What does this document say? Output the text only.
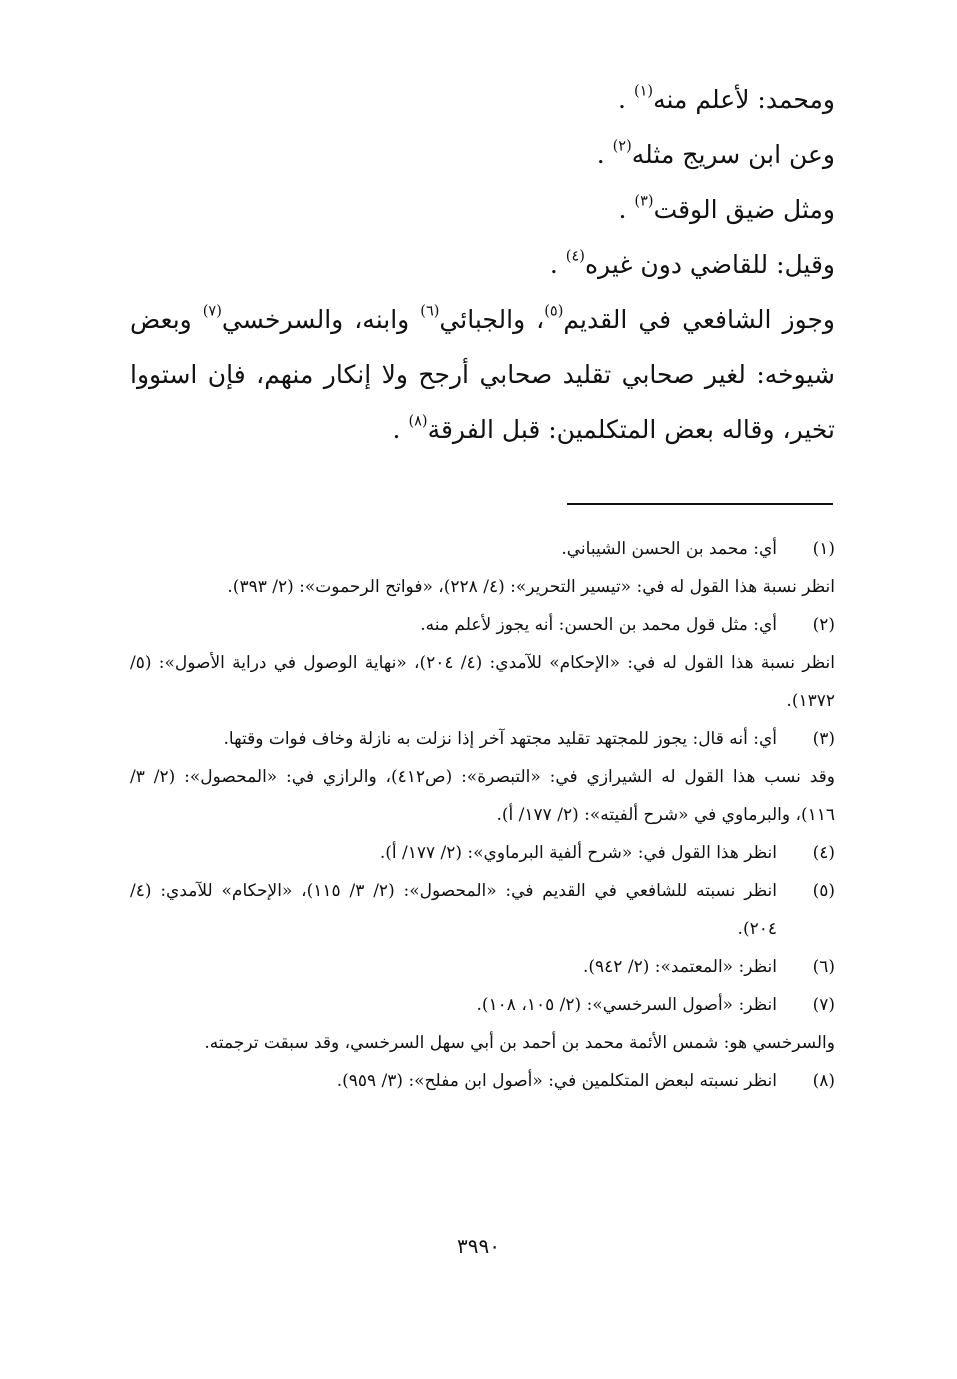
ومحمد: لأعلم منه$^{(١)}$ .

وعن ابن سريج مثله$^{(٢)}$ .

ومثل ضيق الوقت$^{(٣)}$ .

وقيل: للقاضي دون غيره$^{(٤)}$ .

وجوز الشافعي في القديم$^{(٥)}$، والجبائي$^{(٦)}$ وابنه، والسرخسي$^{(٧)}$ وبعض شيوخه: لغير صحابي تقليد صحابي أرجح ولا إنكار منهم، فإن استووا تخير، وقاله بعض المتكلمين: قبل الفرقة$^{(٨)}$ .

(١)

أي: محمد بن الحسن الشيباني.

انظر نسبة هذا القول له في: «تيسير التحرير»: (٤/ ٢٢٨)، «فواتح الرحموت»: (٢/ ٣٩٣).

(٢)

أي: مثل قول محمد بن الحسن: أنه يجوز لأعلم منه.

انظر نسبة هذا القول له في: «الإحكام» للآمدي: (٤/ ٢٠٤)، «نهاية الوصول في دراية الأصول»: (٥/ ١٣٧٢).

(٣)

أي: أنه قال: يجوز للمجتهد تقليد مجتهد آخر إذا نزلت به نازلة وخاف فوات وقتها.

وقد نسب هذا القول له الشيرازي في: «التبصرة»: (ص٤١٢)، والرازي في: «المحصول»: (٢/ ٣/ ١١٦)، والبرماوي في «شرح ألفيته»: (٢/ ١٧٧/ أ).

(٤)

انظر هذا القول في: «شرح ألفية البرماوي»: (٢/ ١٧٧/ أ).

(٥)

انظر نسبته للشافعي في القديم في: «المحصول»: (٢/ ٣/ ١١٥)، «الإحكام» للآمدي: (٤/ ٢٠٤).

(٦)

انظر: «المعتمد»: (٢/ ٩٤٢).

(٧)

انظر: «أصول السرخسي»: (٢/ ١٠٥، ١٠٨).

والسرخسي هو: شمس الأئمة محمد بن أحمد بن أبي سهل السرخسي، وقد سبقت ترجمته.

(٨)

انظر نسبته لبعض المتكلمين في: «أصول ابن مفلح»: (٣/ ٩٥٩).

٣٩٩٠
